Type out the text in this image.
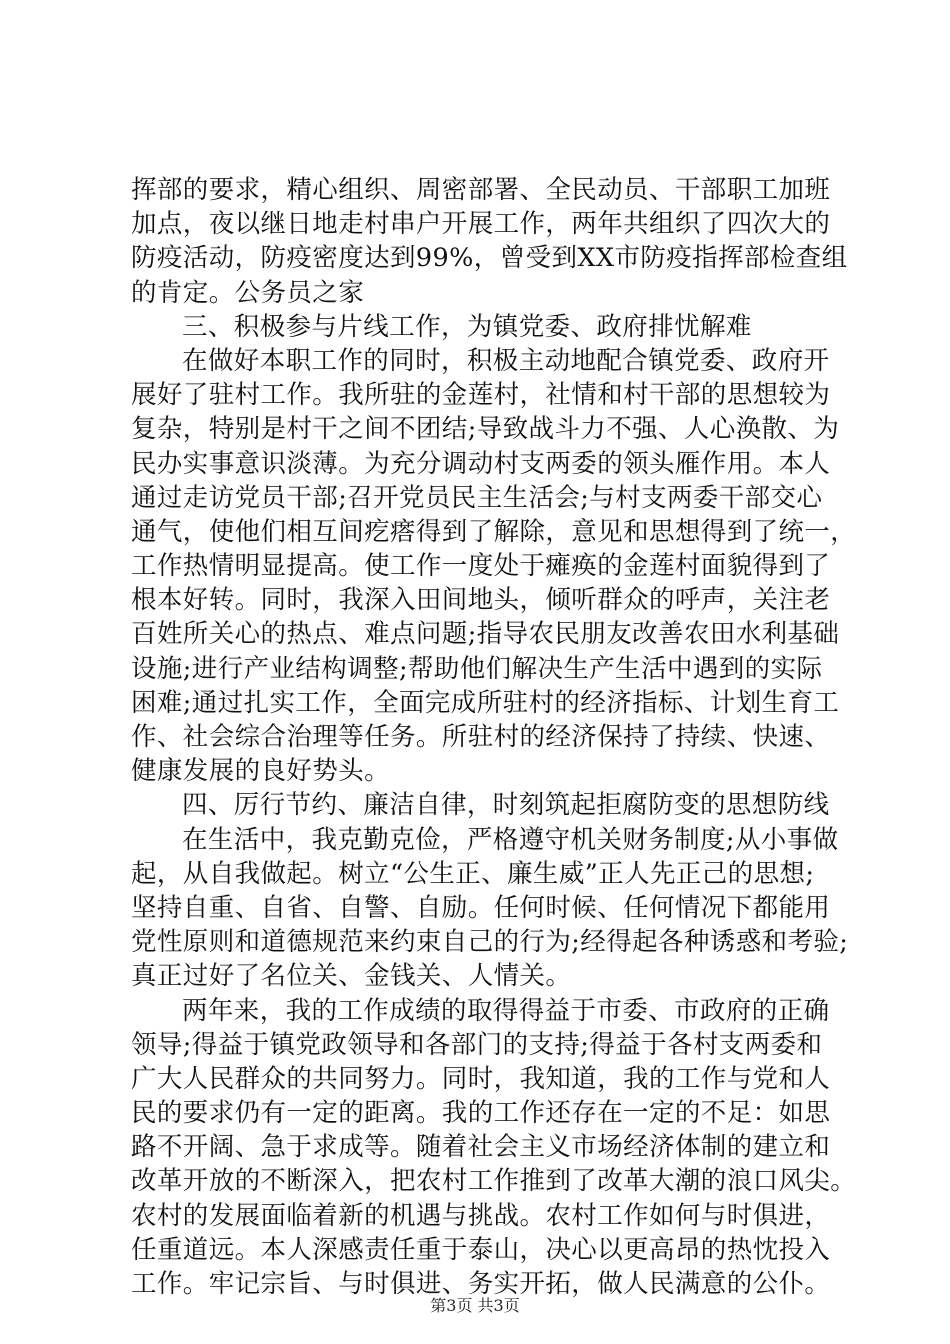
挥部的要求，精心组织、周密部署、全民动员、干部职工加班
加点，夜以继日地走村串户开展工作，两年共组织了四次大的
防疫活动，防疫密度达到99%，曾受到XX市防疫指挥部检查组
的肯定。公务员之家
三、积极参与片线工作，为镇党委、政府排忧解难
在做好本职工作的同时，积极主动地配合镇党委、政府开
展好了驻村工作。我所驻的金莲村，社情和村干部的思想较为
复杂，特别是村干之间不团结;导致战斗力不强、人心涣散、为
民办实事意识淡薄。为充分调动村支两委的领头雁作用。本人
通过走访党员干部;召开党员民主生活会;与村支两委干部交心
通气，使他们相互间疙瘩得到了解除，意见和思想得到了统一，
工作热情明显提高。使工作一度处于瘫痪的金莲村面貌得到了
根本好转。同时，我深入田间地头，倾听群众的呼声，关注老
百姓所关心的热点、难点问题;指导农民朋友改善农田水利基础
设施;进行产业结构调整;帮助他们解决生产生活中遇到的实际
困难;通过扎实工作，全面完成所驻村的经济指标、计划生育工
作、社会综合治理等任务。所驻村的经济保持了持续、快速、
健康发展的良好势头。
四、厉行节约、廉洁自律，时刻筑起拒腐防变的思想防线
在生活中，我克勤克俭，严格遵守机关财务制度;从小事做
起，从自我做起。树立“公生正、廉生威”正人先正己的思想;
坚持自重、自省、自警、自励。任何时候、任何情况下都能用
党性原则和道德规范来约束自己的行为;经得起各种诱惑和考验;
真正过好了名位关、金钱关、人情关。
两年来，我的工作成绩的取得得益于市委、市政府的正确
领导;得益于镇党政领导和各部门的支持;得益于各村支两委和
广大人民群众的共同努力。同时，我知道，我的工作与党和人
民的要求仍有一定的距离。我的工作还存在一定的不足：如思
路不开阔、急于求成等。随着社会主义市场经济体制的建立和
改革开放的不断深入，把农村工作推到了改革大潮的浪口风尖。
农村的发展面临着新的机遇与挑战。农村工作如何与时俱进，
任重道远。本人深感责任重于泰山，决心以更高昂的热忱投入
工作。牢记宗旨、与时俱进、务实开拓，做人民满意的公仆。
第3页 共3页
